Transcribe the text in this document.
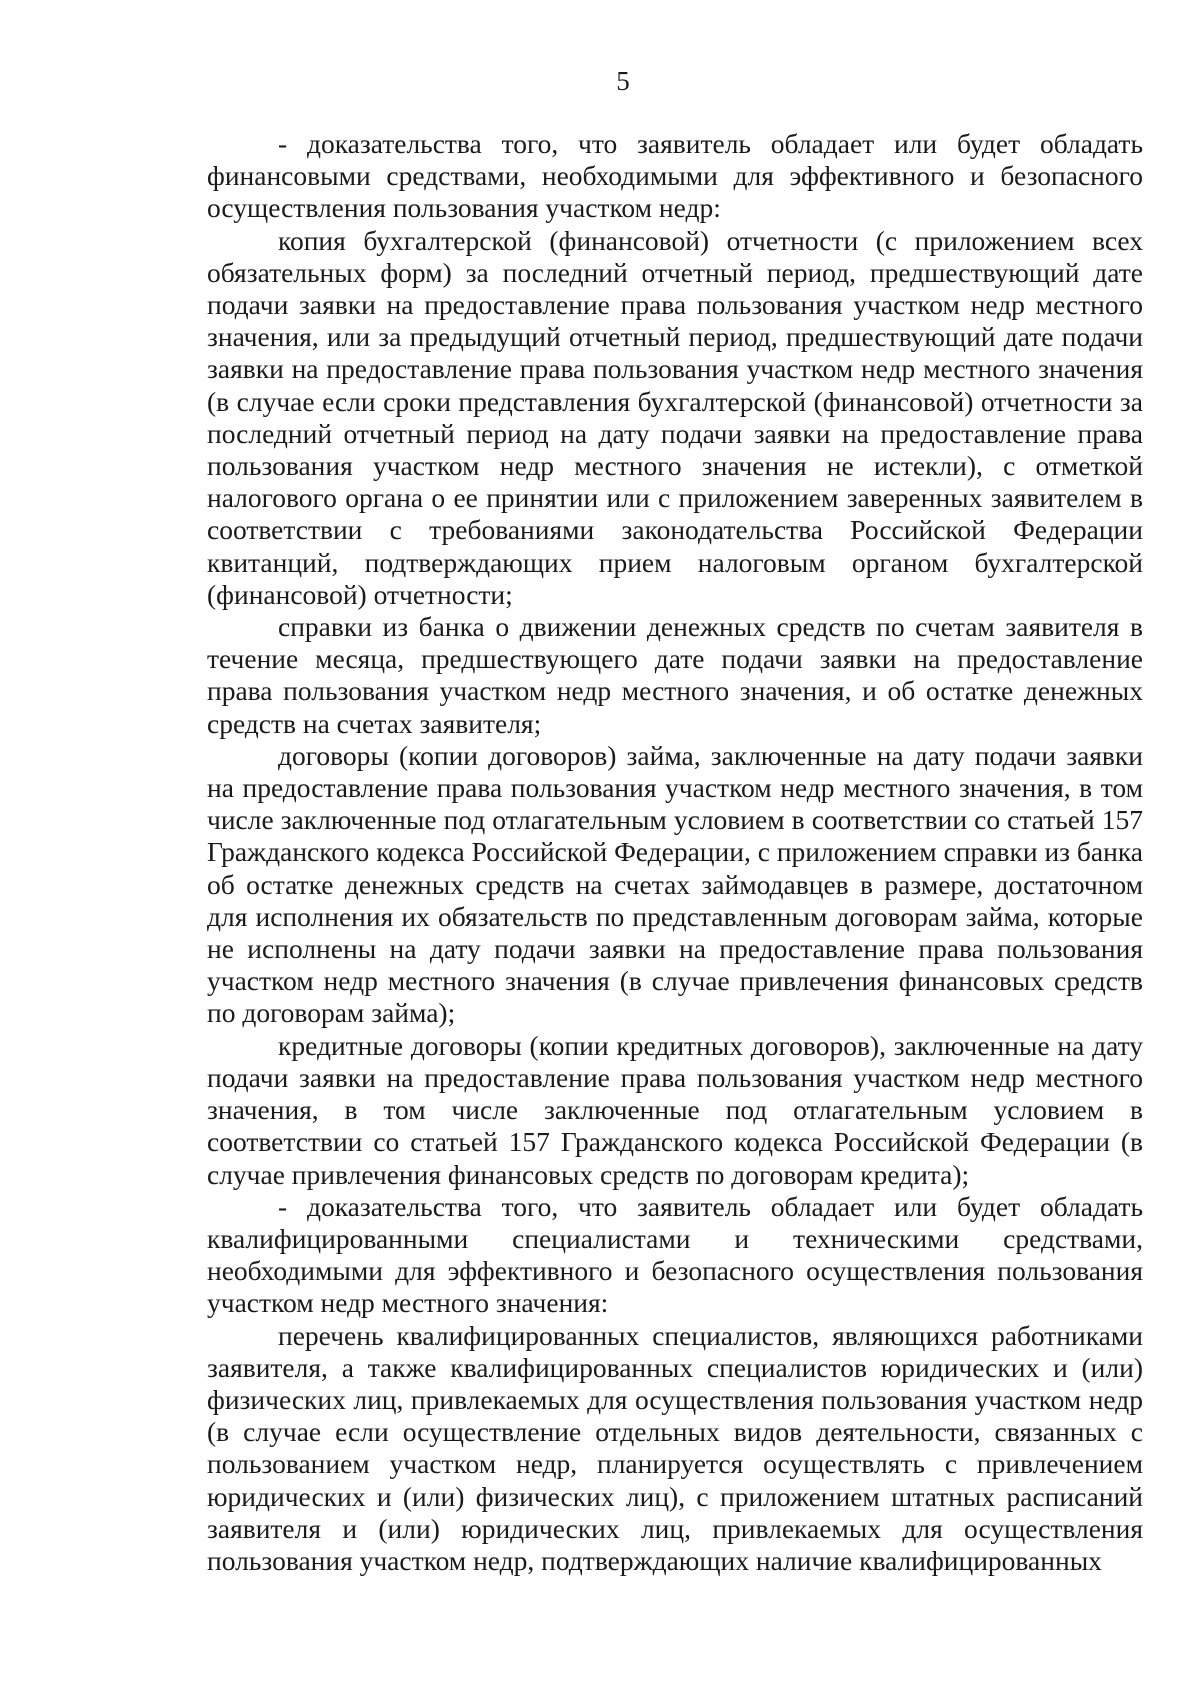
5

- доказательства того, что заявитель обладает или будет обладать финансовыми средствами, необходимыми для эффективного и безопасного осуществления пользования участком недр:

копия бухгалтерской (финансовой) отчетности (с приложением всех обязательных форм) за последний отчетный период, предшествующий дате подачи заявки на предоставление права пользования участком недр местного значения, или за предыдущий отчетный период, предшествующий дате подачи заявки на предоставление права пользования участком недр местного значения (в случае если сроки представления бухгалтерской (финансовой) отчетности за последний отчетный период на дату подачи заявки на предоставление права пользования участком недр местного значения не истекли), с отметкой налогового органа о ее принятии или с приложением заверенных заявителем в соответствии с требованиями законодательства Российской Федерации квитанций, подтверждающих прием налоговым органом бухгалтерской (финансовой) отчетности;

справки из банка о движении денежных средств по счетам заявителя в течение месяца, предшествующего дате подачи заявки на предоставление права пользования участком недр местного значения, и об остатке денежных средств на счетах заявителя;

договоры (копии договоров) займа, заключенные на дату подачи заявки на предоставление права пользования участком недр местного значения, в том числе заключенные под отлагательным условием в соответствии со статьей 157 Гражданского кодекса Российской Федерации, с приложением справки из банка об остатке денежных средств на счетах займодавцев в размере, достаточном для исполнения их обязательств по представленным договорам займа, которые не исполнены на дату подачи заявки на предоставление права пользования участком недр местного значения (в случае привлечения финансовых средств по договорам займа);

кредитные договоры (копии кредитных договоров), заключенные на дату подачи заявки на предоставление права пользования участком недр местного значения, в том числе заключенные под отлагательным условием в соответствии со статьей 157 Гражданского кодекса Российской Федерации (в случае привлечения финансовых средств по договорам кредита);

- доказательства того, что заявитель обладает или будет обладать квалифицированными специалистами и техническими средствами, необходимыми для эффективного и безопасного осуществления пользования участком недр местного значения:

перечень квалифицированных специалистов, являющихся работниками заявителя, а также квалифицированных специалистов юридических и (или) физических лиц, привлекаемых для осуществления пользования участком недр (в случае если осуществление отдельных видов деятельности, связанных с пользованием участком недр, планируется осуществлять с привлечением юридических и (или) физических лиц), с приложением штатных расписаний заявителя и (или) юридических лиц, привлекаемых для осуществления пользования участком недр, подтверждающих наличие квалифицированных
